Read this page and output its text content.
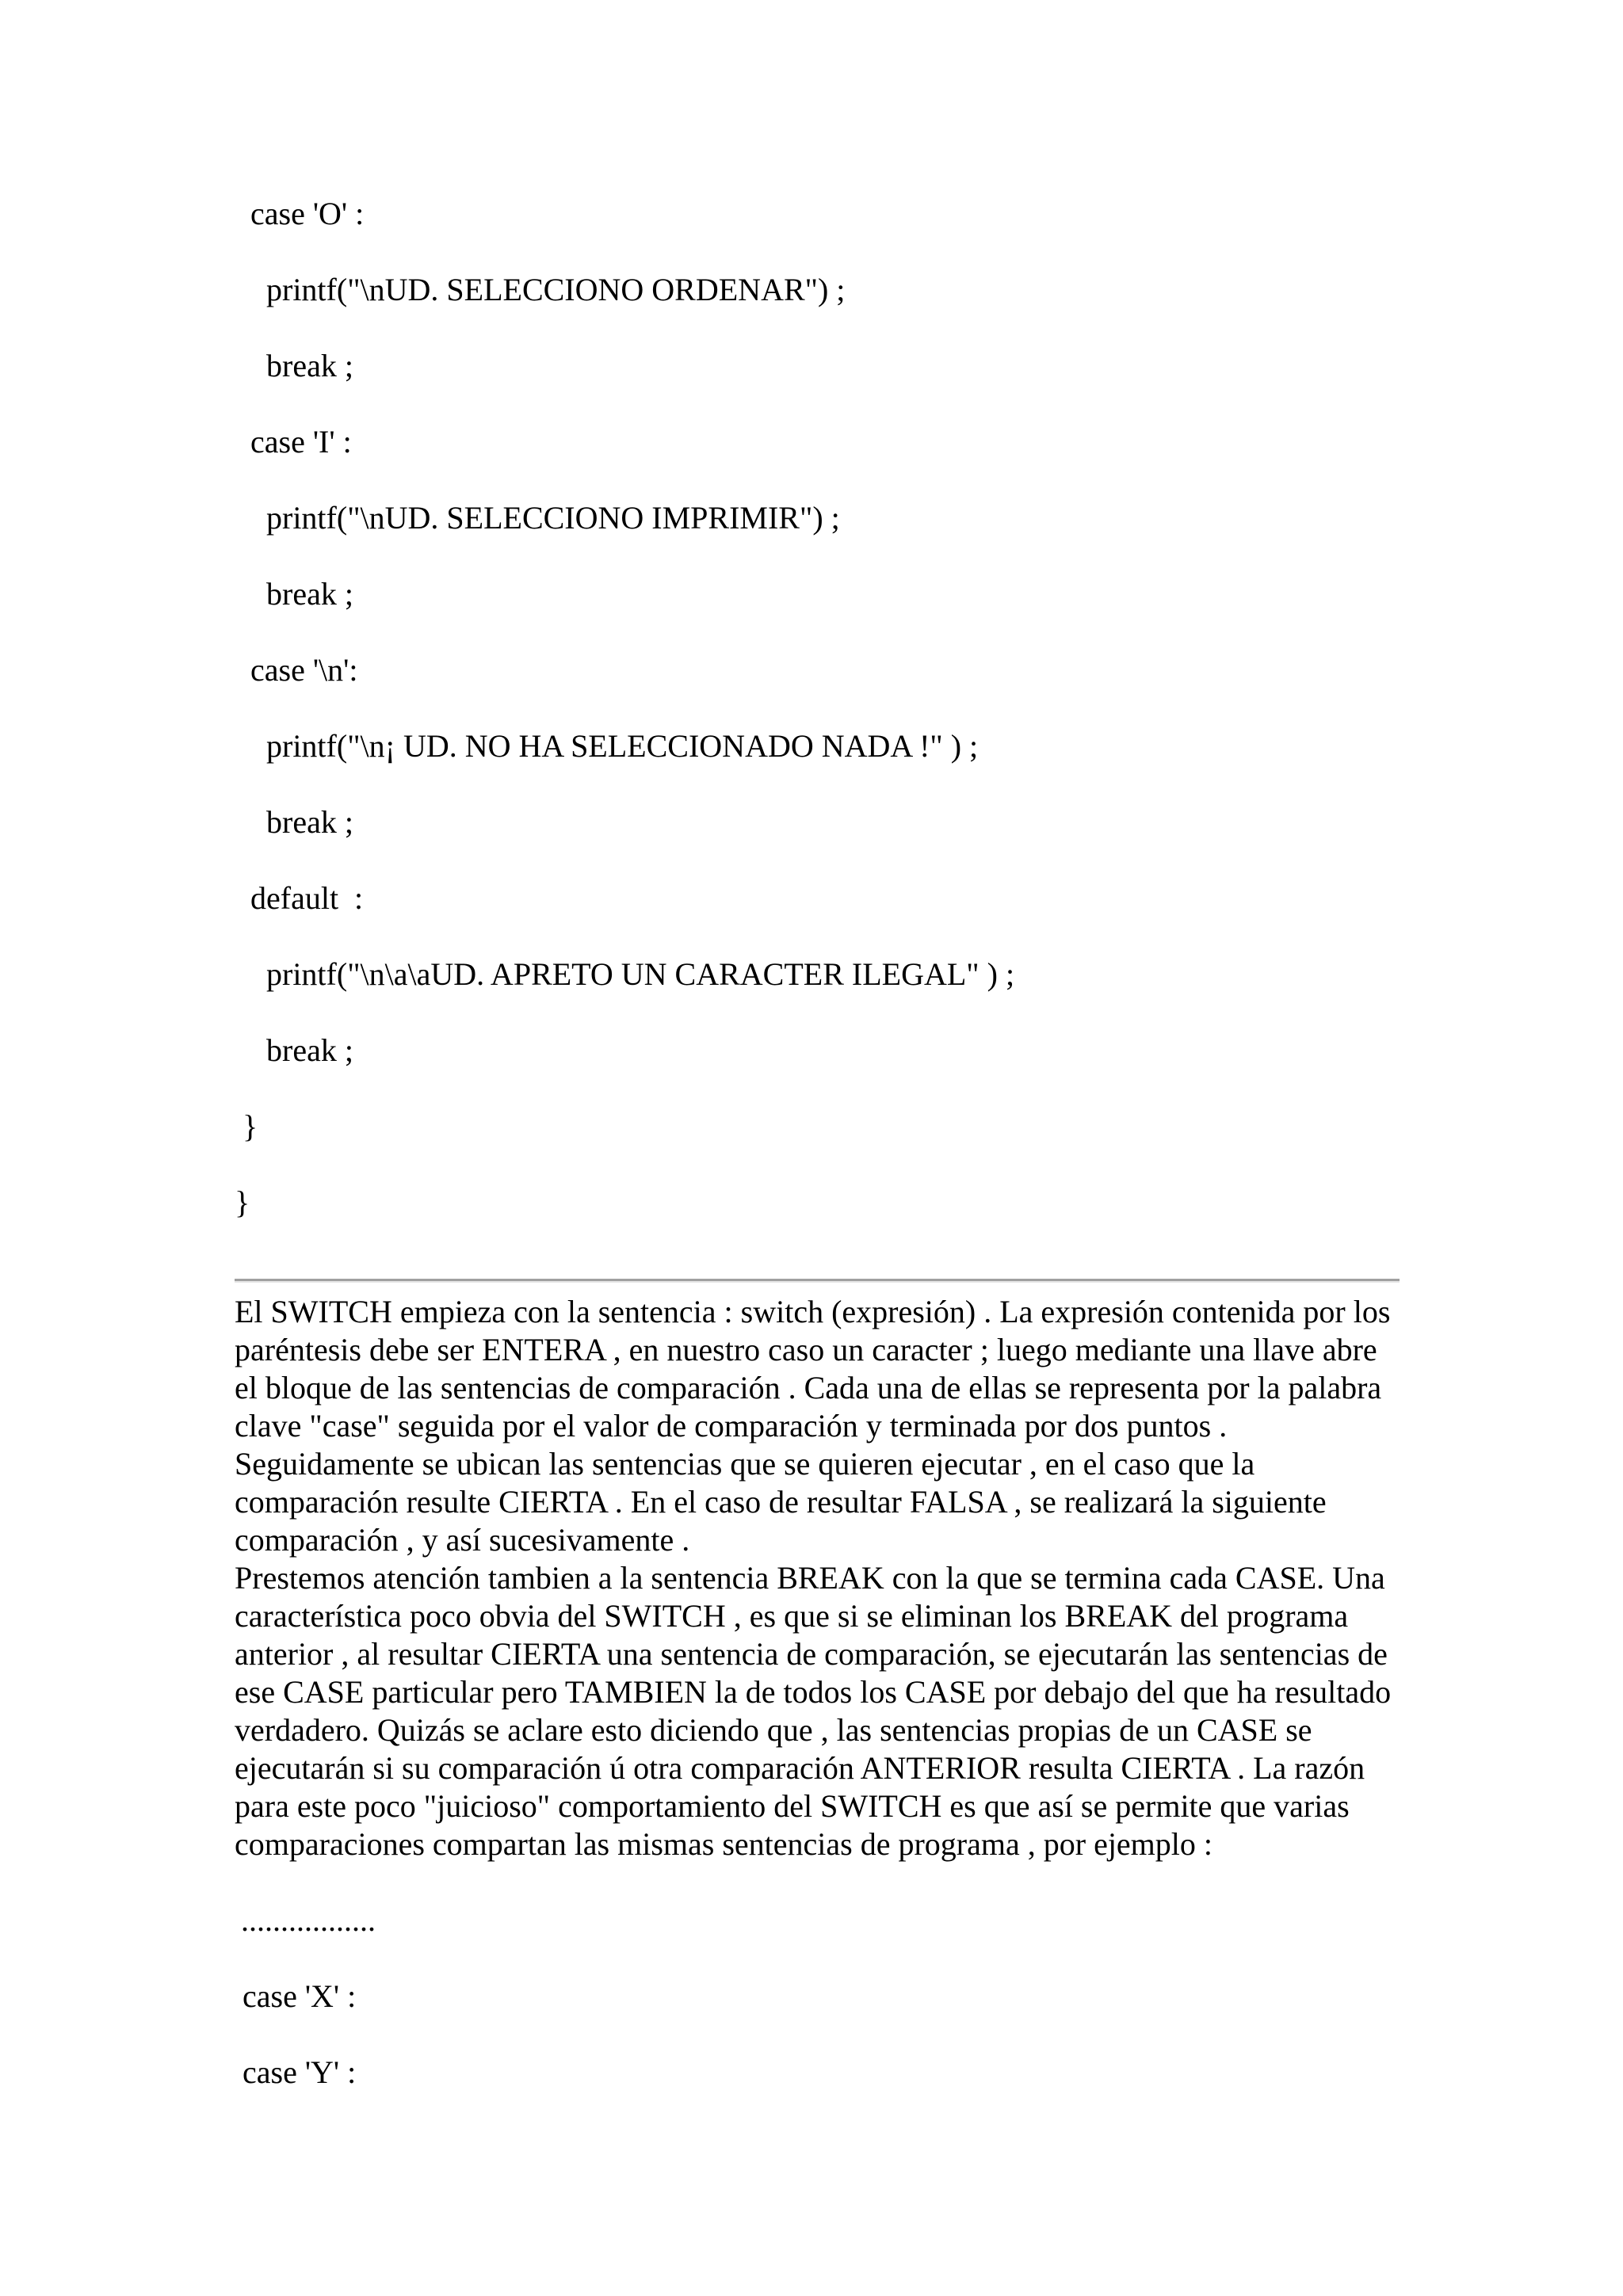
case 'O' :
printf("\nUD. SELECCIONO ORDENAR") ;
break ;
case 'I' :
printf("\nUD. SELECCIONO IMPRIMIR") ;
break ;
case '\n':
printf("\n¡ UD. NO HA SELECCIONADO NADA !" ) ;
break ;
default  :
printf("\n\a\aUD. APRETO UN CARACTER ILEGAL" ) ;
break ;
}
}

El SWITCH empieza con la sentencia : switch (expresión) . La expresión contenida por los paréntesis debe ser ENTERA , en nuestro caso un caracter ; luego mediante una llave abre el bloque de las sentencias de comparación . Cada una de ellas se representa por la palabra clave "case" seguida por el valor de comparación y terminada por dos puntos . Seguidamente se ubican las sentencias que se quieren ejecutar , en el caso que la comparación resulte CIERTA . En el caso de resultar FALSA , se realizará la siguiente comparación , y así sucesivamente .

Prestemos atención tambien a la sentencia BREAK con la que se termina cada CASE. Una característica poco obvia del SWITCH , es que si se eliminan los BREAK del programa anterior , al resultar CIERTA una sentencia de comparación, se ejecutarán las sentencias de ese CASE particular pero TAMBIEN la de todos los CASE por debajo del que ha resultado verdadero. Quizás se aclare esto diciendo que , las sentencias propias de un CASE se ejecutarán si su comparación ú otra comparación ANTERIOR resulta CIERTA . La razón para este poco "juicioso" comportamiento del SWITCH es que así se permite que varias comparaciones compartan las mismas sentencias de programa , por ejemplo :

.................
case 'X' :
case 'Y' :
